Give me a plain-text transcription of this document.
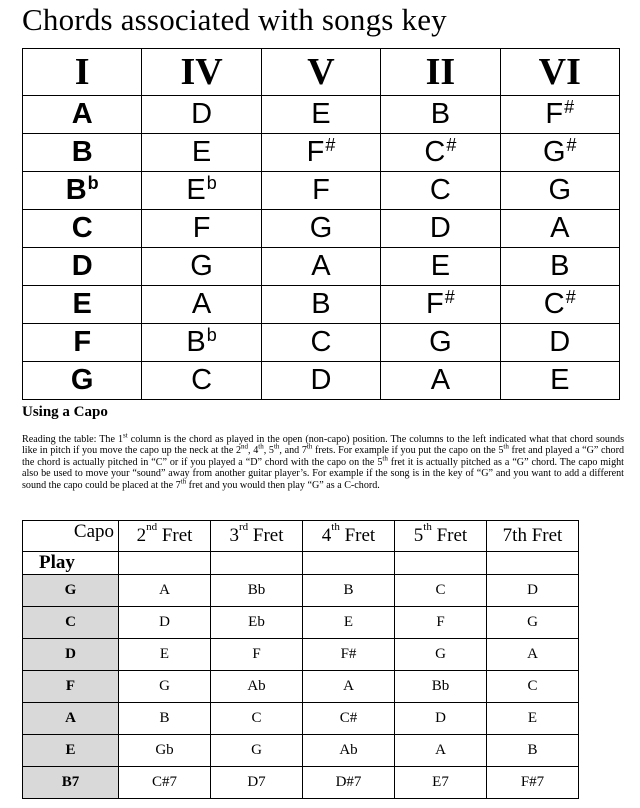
Chords associated with songs key
I	IV	V	II	VI
A	D	E	B	F#
B	E	F#	C#	G#
$B^b$	$E^b$	F	C	G
C	F	G	D	A
D	G	A	E	B
E	A	B	F#	C#
F	$B^b$	C	G	D
G	C	D	A	E
Using a Capo

Reading the table: The 1st column is the chord as played in the open (non-capo) position. The columns to the left indicated what that chord sounds like in pitch if you move the capo up the neck at the 2nd, 4th, 5th, and 7th frets. For example if you put the capo on the 5th fret and played a “G” chord the chord is actually pitched in “C” or if you played a “D” chord with the capo on the 5th fret it is actually pitched as a “G” chord. The capo might also be used to move your “sound” away from another guitar player’s. For example if the song is in the key of “G” and you want to add a different sound the capo could be placed at the 7th fret and you would then play “G” as a C-chord.

Capo	2nd Fret	3rd Fret	4th Fret	5th Fret	7th Fret
Play					
G	A	Bb	B	C	D
C	D	Eb	E	F	G
D	E	F	F#	G	A
F	G	Ab	A	Bb	C
A	B	C	C#	D	E
E	Gb	G	Ab	A	B
B7	C#7	D7	D#7	E7	F#7
